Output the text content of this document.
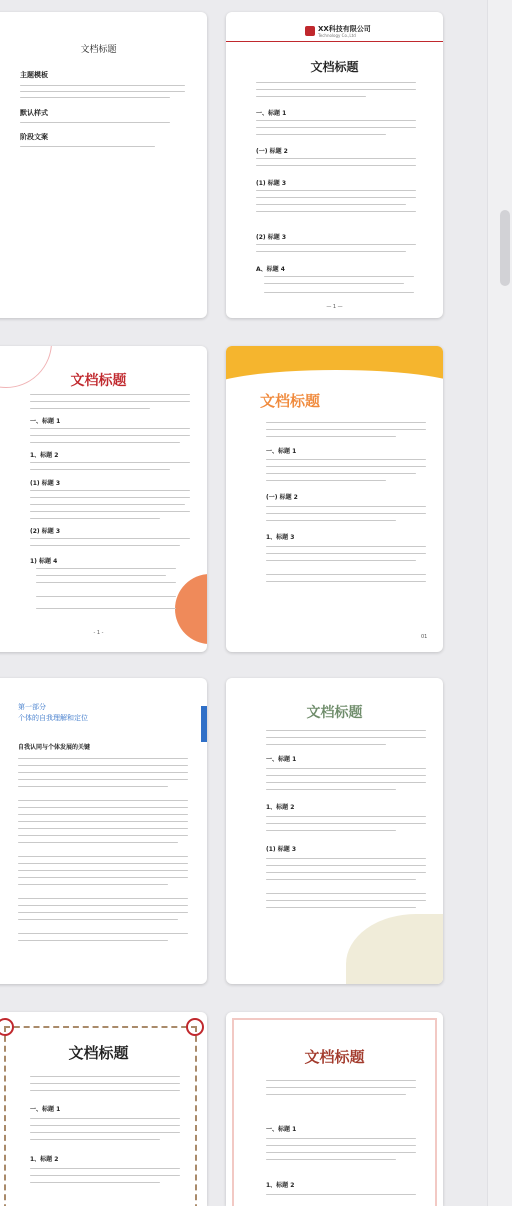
文档标题
主题模板
默认样式
阶段文案
XX科技有限公司
Technology Co.,Ltd
文档标题
一、标题 1
(一) 标题 2
(1) 标题 3
(2) 标题 3
A、标题 4
— 1 —
文档标题
一、标题 1
1、标题 2
(1) 标题 3
(2) 标题 3
1) 标题 4
- 1 -
文档标题
一、标题 1
(一) 标题 2
1、标题 3
01
第一部分
个体的自我理解和定位
自我认同与个体发展的关键
文档标题
一、标题 1
1、标题 2
(1) 标题 3
文档标题
一、标题 1
1、标题 2
文档标题
一、标题 1
1、标题 2
